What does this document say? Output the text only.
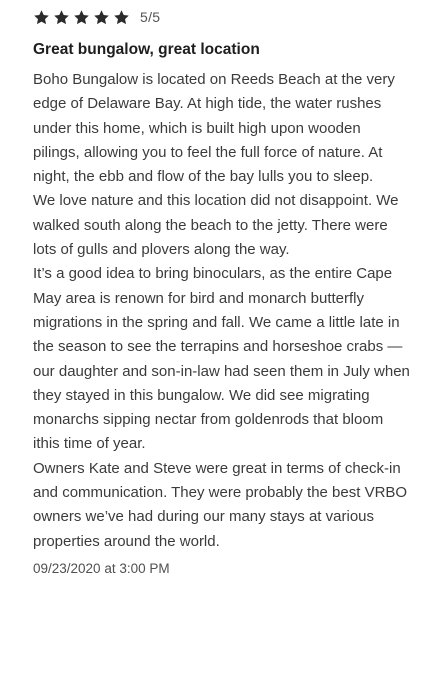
5/5
Great bungalow, great location

Boho Bungalow is located on Reeds Beach at the very edge of Delaware Bay. At high tide, the water rushes under this home, which is built high upon wooden pilings, allowing you to feel the full force of nature. At night, the ebb and flow of the bay lulls you to sleep.

We love nature and this location did not disappoint. We walked south along the beach to the jetty. There were lots of gulls and plovers along the way.

It’s a good idea to bring binoculars, as the entire Cape May area is renown for bird and monarch butterfly migrations in the spring and fall. We came a little late in the season to see the terrapins and horseshoe crabs — our daughter and son-in-law had seen them in July when they stayed in this bungalow. We did see migrating monarchs sipping nectar from goldenrods that bloom ithis time of year.

Owners Kate and Steve were great in terms of check-in and communication. They were probably the best VRBO owners we’ve had during our many stays at various properties around the world.

09/23/2020 at 3:00 PM
